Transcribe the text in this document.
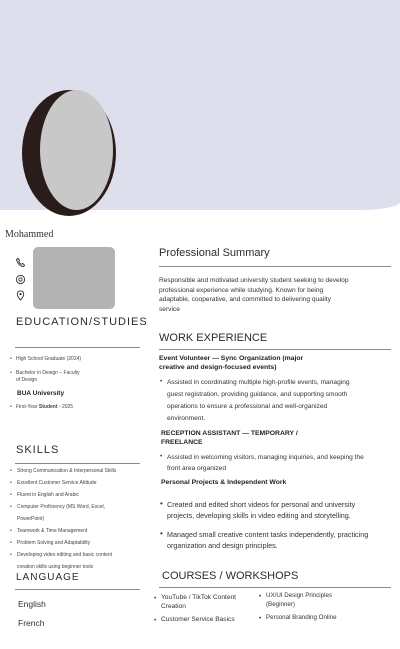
Mohammed
EDUCATION/STUDIES
• High School Graduate (2024)
• Bachelor in Design – Faculty
of Design
BUA University
• First-Year Student - 2025
SKILLS
• Strong Communication & Interpersonal Skills
• Excellent Customer Service Attitude
• Fluent in English and Arabic
• Computer Proficiency (MS Word, Excel,
PowerPoint)
• Teamwork & Time Management
• Problem Solving and Adaptability
• Developing video editing and basic content
creation skills using beginner tools
LANGUAGE
English
French
Professional Summary
Responsible and motivated university student seeking to develop
professional experience while studying. Known for being
adaptable, cooperative, and committed to delivering quality
service
WORK EXPERIENCE
Event Volunteer — Sync Organization (major
creative and design-focused events)
• Assisted in coordinating multiple high-profile events, managing
guest registration, providing guidance, and supporting smooth
operations to ensure a professional and well-organized
environment.
RECEPTION ASSISTANT — TEMPORARY /
FREELANCE
• Assisted in welcoming visitors, managing inquiries, and keeping the
front area organized
Personal Projects & Independent Work
• Created and edited short videos for personal and university
projects, developing skills in video editing and storytelling.
• Managed small creative content tasks independently, practicing
organization and design principles.
COURSES / WORKSHOPS
• YouTube / TikTok Content
Creation
• Customer Service Basics
• UX/UI Design Principles
(Beginner)
• Personal Branding Online
